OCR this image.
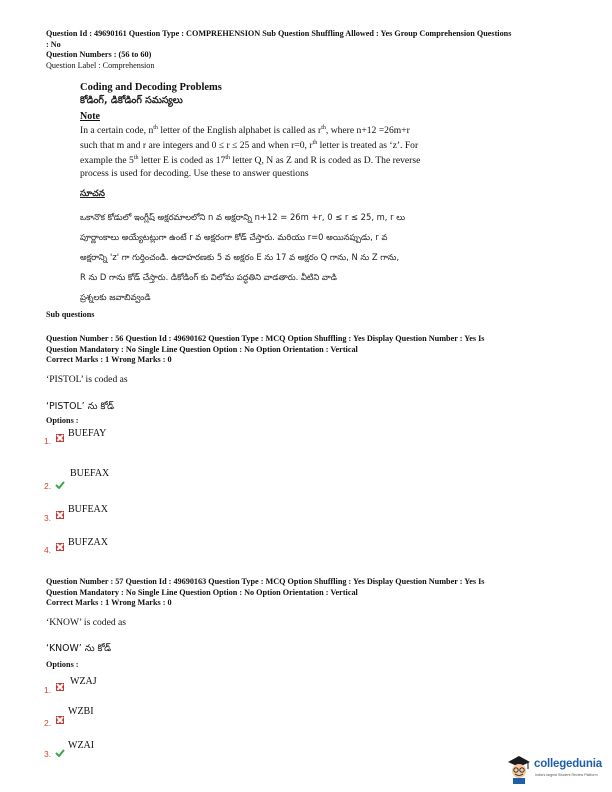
Question Id : 49690161 Question Type : COMPREHENSION Sub Question Shuffling Allowed : Yes Group Comprehension Questions
: No
Question Numbers : (56 to 60)
Question Label : Comprehension
Coding and Decoding Problems
కోడింగ్, డికోడింగ్ సమస్యలు
Note
In a certain code, $n^{th}$ letter of the English alphabet is called as $r^{th}$, where n+12 =26m+r
such that m and r are integers and 0 ≤ r ≤ 25 and when r=0, $r^{th}$ letter is treated as ‘z’. For
example the 5th letter E is coded as 17th letter Q, N as Z and R is coded as D. The reverse
process is used for decoding. Use these to answer questions
సూచన
ఒకానొక కోడులో ఇంగ్లీష్ అక్షరమాలలోని n వ అక్షరాన్ని n+12 = 26m +r, 0 ≤ r ≤ 25, m, r లు
పూర్ణాంకాలు అయ్యేటట్లుగా ఉంటే r వ అక్షరంగా కోడ్ చేస్తారు. మరియు r=0 అయినప్పుడు, r వ
అక్షరాన్ని 'z' గా గుర్తించండి. ఉదాహరణకు 5 వ అక్షరం E ను 17 వ అక్షరం Q గాను, N ను Z గాను,
R ను D గాను కోడ్ చేస్తారు. డికోడింగ్ కు విలోమ పద్ధతిని వాడతారు. వీటిని వాడి
ప్రశ్నలకు జవాబివ్వండి
Sub questions
Question Number : 56 Question Id : 49690162 Question Type : MCQ Option Shuffling : Yes Display Question Number : Yes Is
Question Mandatory : No Single Line Question Option : No Option Orientation : Vertical
Correct Marks : 1 Wrong Marks : 0
‘PISTOL’ is coded as
‘PISTOL’ ను కోడ్
Options :
1.
BUEFAY
2.
BUEFAX
3.
BUFEAX
4.
BUFZAX
Question Number : 57 Question Id : 49690163 Question Type : MCQ Option Shuffling : Yes Display Question Number : Yes Is
Question Mandatory : No Single Line Question Option : No Option Orientation : Vertical
Correct Marks : 1 Wrong Marks : 0
‘KNOW’ is coded as
‘KNOW’ ను కోడ్
Options :
1.
WZAJ
2.
WZBI
3.
WZAI
collegedunia
India's largest Student Review Platform
